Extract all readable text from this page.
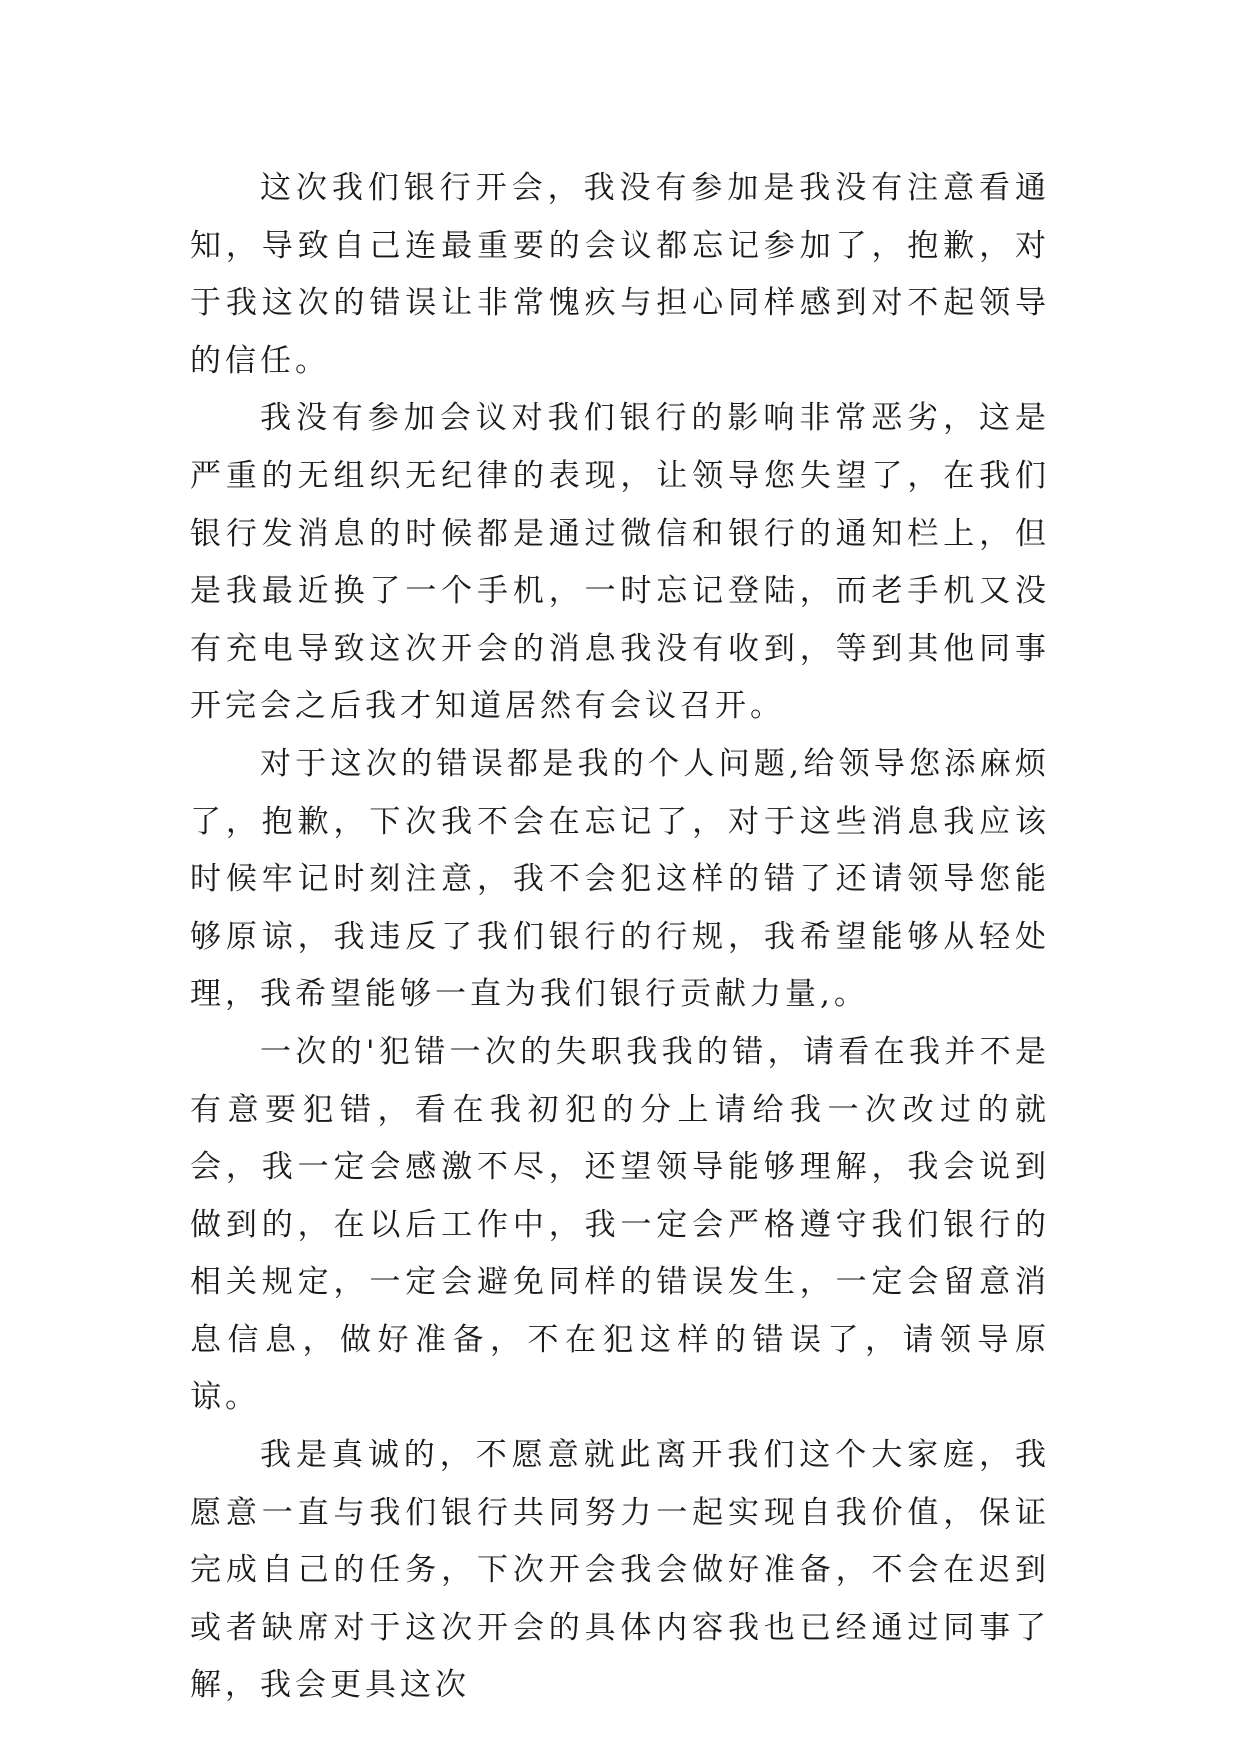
这次我们银行开会，我没有参加是我没有注意看通知，导致自己连最重要的会议都忘记参加了，抱歉，对于我这次的错误让非常愧疚与担心同样感到对不起领导的信任。

我没有参加会议对我们银行的影响非常恶劣，这是严重的无组织无纪律的表现，让领导您失望了，在我们银行发消息的时候都是通过微信和银行的通知栏上，但是我最近换了一个手机，一时忘记登陆，而老手机又没有充电导致这次开会的消息我没有收到，等到其他同事开完会之后我才知道居然有会议召开。

对于这次的错误都是我的个人问题,给领导您添麻烦了，抱歉，下次我不会在忘记了，对于这些消息我应该时候牢记时刻注意，我不会犯这样的错了还请领导您能够原谅，我违反了我们银行的行规，我希望能够从轻处理，我希望能够一直为我们银行贡献力量,。

一次的'犯错一次的失职我我的错，请看在我并不是有意要犯错，看在我初犯的分上请给我一次改过的就会，我一定会感激不尽，还望领导能够理解，我会说到做到的，在以后工作中，我一定会严格遵守我们银行的相关规定，一定会避免同样的错误发生，一定会留意消息信息，做好准备，不在犯这样的错误了，请领导原谅。

我是真诚的，不愿意就此离开我们这个大家庭，我愿意一直与我们银行共同努力一起实现自我价值，保证完成自己的任务，下次开会我会做好准备，不会在迟到或者缺席对于这次开会的具体内容我也已经通过同事了解，我会更具这次
